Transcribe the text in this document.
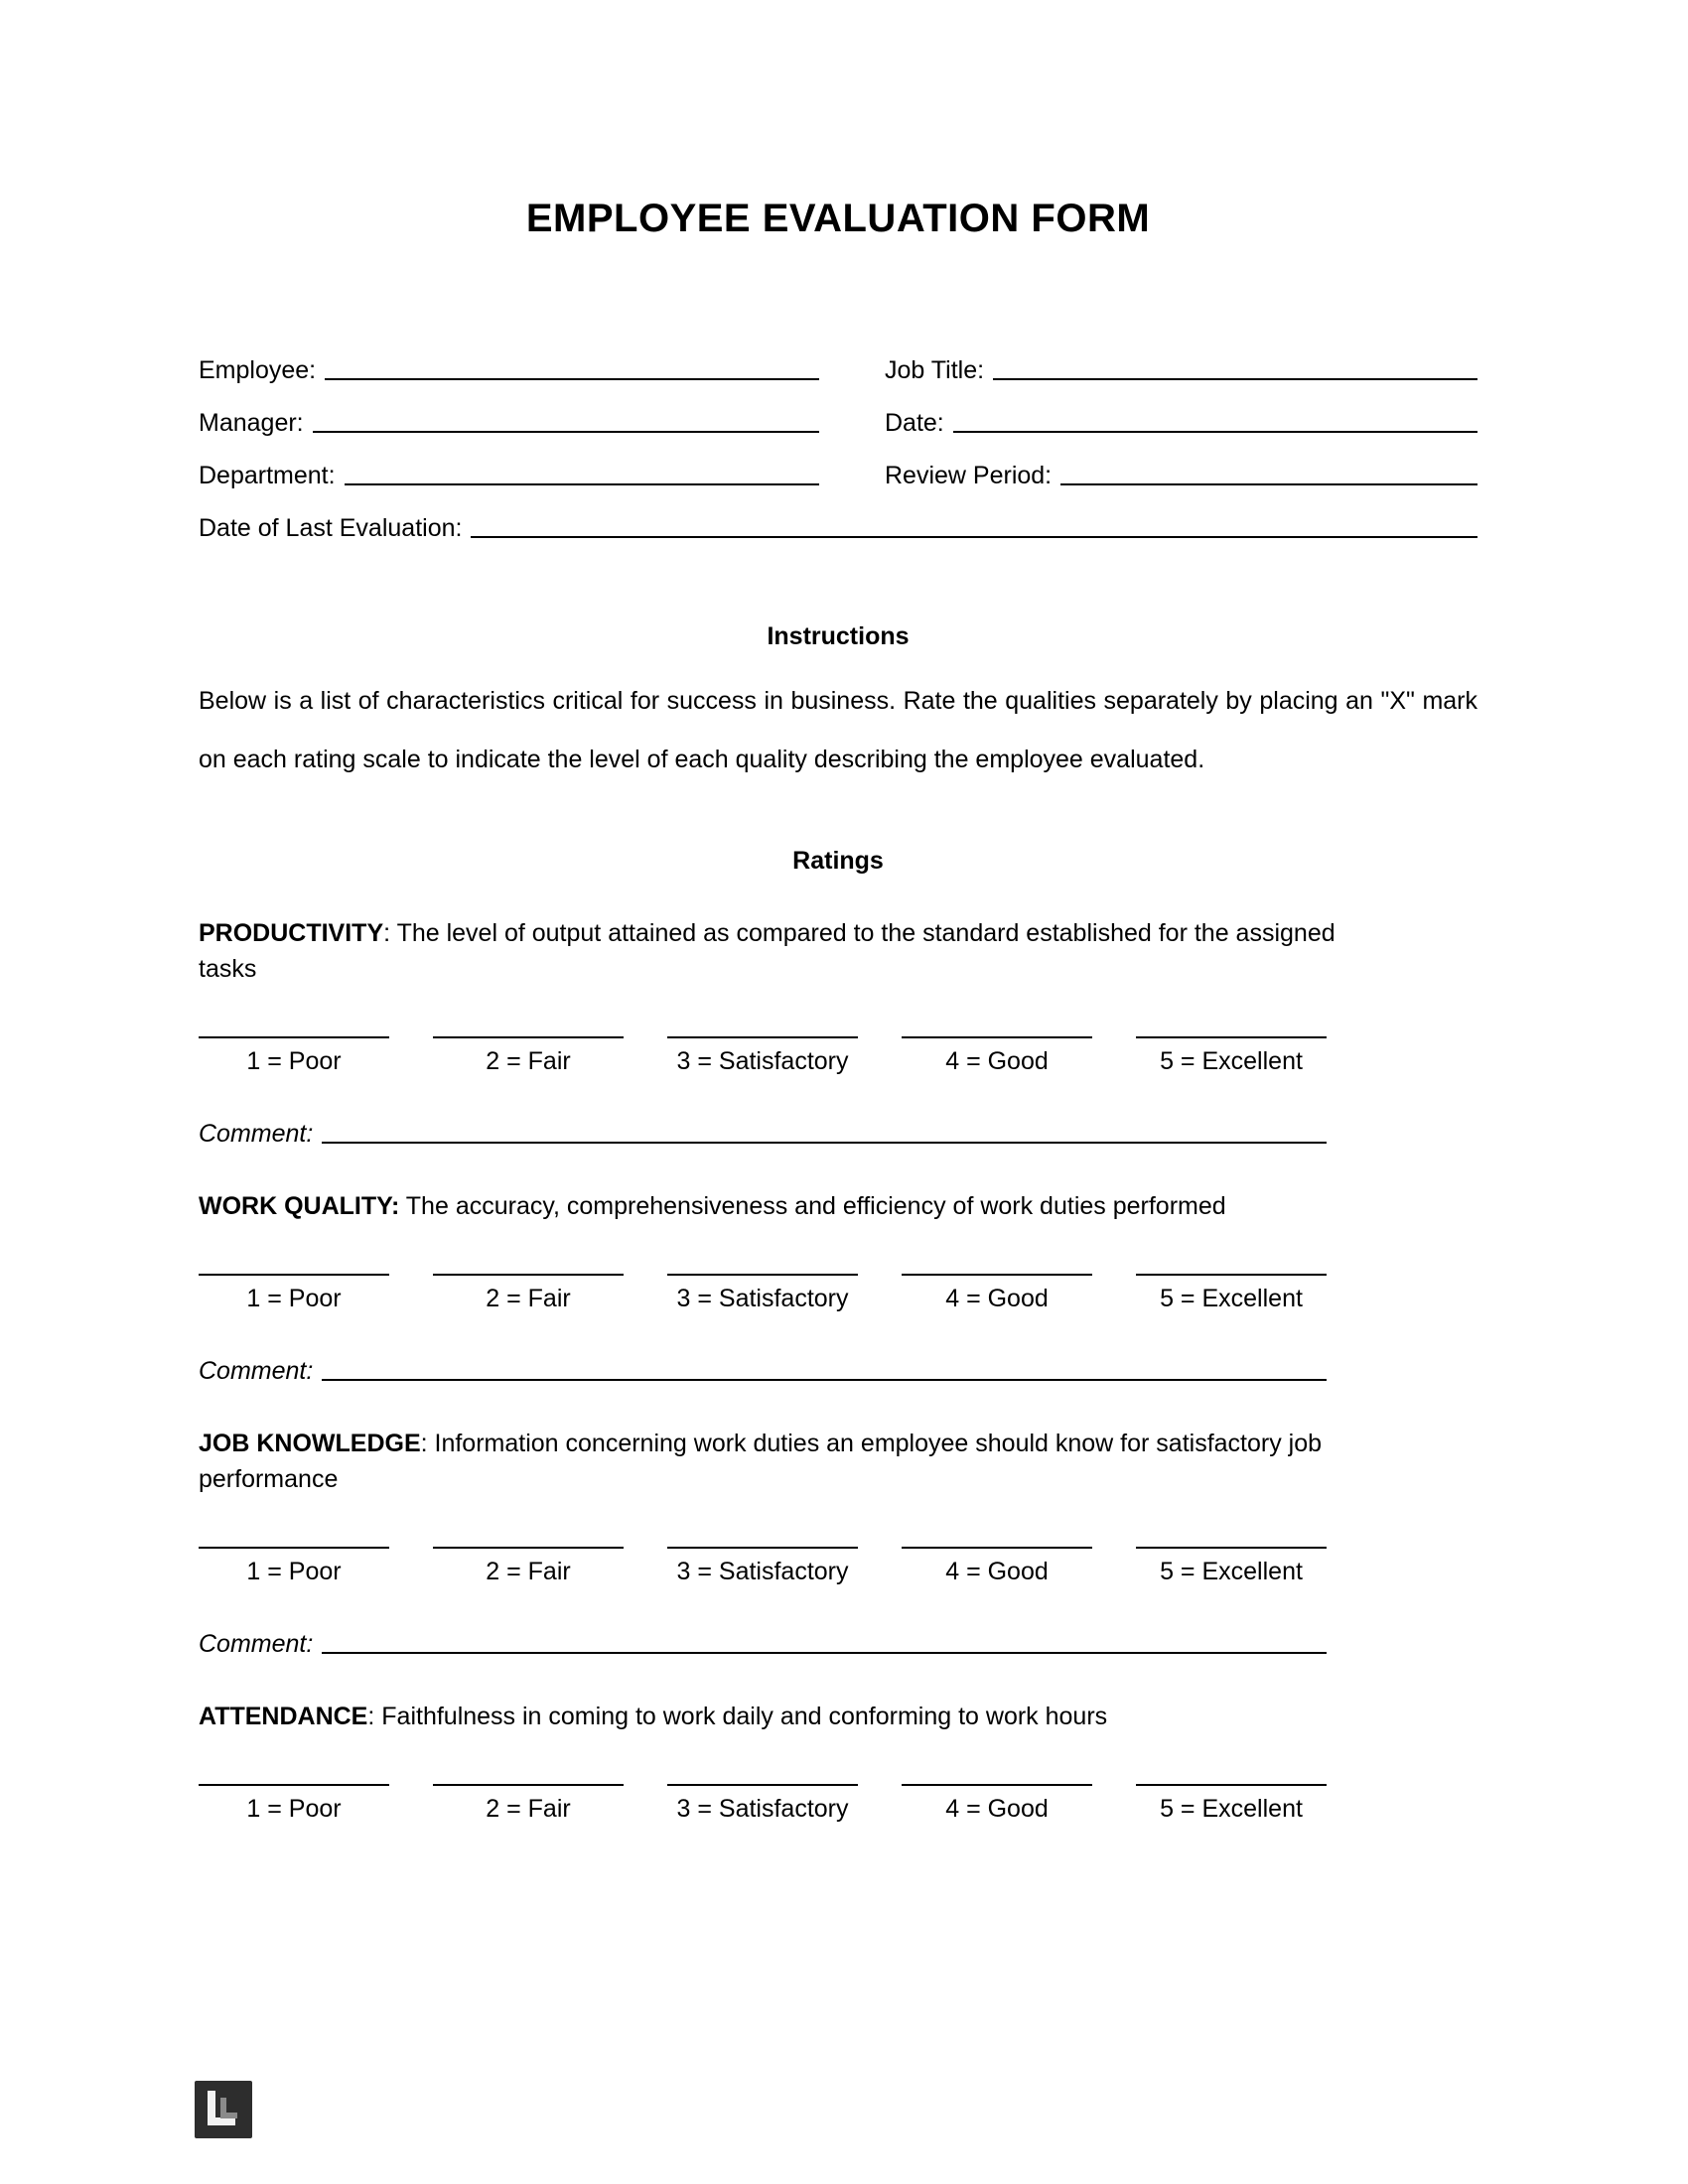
EMPLOYEE EVALUATION FORM
Employee:	Job Title:
Manager:	Date:
Department:	Review Period:
Date of Last Evaluation:
Instructions

Below is a list of characteristics critical for success in business. Rate the qualities separately by placing an "X" mark on each rating scale to indicate the level of each quality describing the employee evaluated.

Ratings

PRODUCTIVITY: The level of output attained as compared to the standard established for the assigned tasks

1 = Poor	2 = Fair	3 = Satisfactory	4 = Good	5 = Excellent
Comment:

WORK QUALITY: The accuracy, comprehensiveness and efficiency of work duties performed

1 = Poor	2 = Fair	3 = Satisfactory	4 = Good	5 = Excellent
Comment:

JOB KNOWLEDGE: Information concerning work duties an employee should know for satisfactory job performance

1 = Poor	2 = Fair	3 = Satisfactory	4 = Good	5 = Excellent
Comment:

ATTENDANCE: Faithfulness in coming to work daily and conforming to work hours

1 = Poor	2 = Fair	3 = Satisfactory	4 = Good	5 = Excellent
